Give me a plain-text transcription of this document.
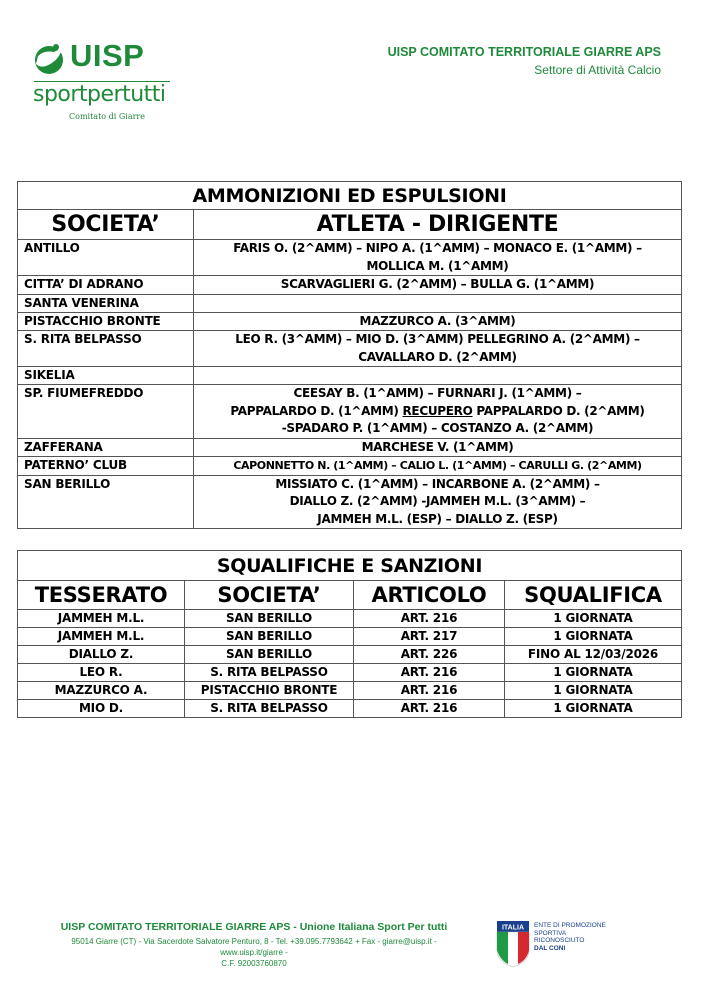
UISP
sportpertutti
Comitato di Giarre
UISP COMITATO TERRITORIALE GIARRE APS
Settore di Attività Calcio
AMMONIZIONI ED ESPULSIONI	
SOCIETA’	ATLETA - DIRIGENTE
ANTILLO	FARIS O. (2^AMM) – NIPO A. (1^AMM) – MONACO E. (1^AMM) –
MOLLICA M. (1^AMM)

CITTA’ DI ADRANO	SCARVAGLIERI G. (2^AMM) – BULLA G. (1^AMM)
SANTA VENERINA	
PISTACCHIO BRONTE	MAZZURCO A. (3^AMM)
S. RITA BELPASSO	LEO R. (3^AMM) – MIO D. (3^AMM) PELLEGRINO A. (2^AMM) –
CAVALLARO D. (2^AMM)

SIKELIA	
SP. FIUMEFREDDO	CEESAY B. (1^AMM) – FURNARI J. (1^AMM) –
PAPPALARDO D. (1^AMM) RECUPERO PAPPALARDO D. (2^AMM)
-SPADARO P. (1^AMM) – COSTANZO A. (2^AMM)

ZAFFERANA	MARCHESE V. (1^AMM)
PATERNO’ CLUB	CAPONNETTO N. (1^AMM) – CALIO L. (1^AMM) – CARULLI G. (2^AMM)
SAN BERILLO	MISSIATO C. (1^AMM) – INCARBONE A. (2^AMM) –
DIALLO Z. (2^AMM) -JAMMEH M.L. (3^AMM) –
JAMMEH M.L. (ESP) – DIALLO Z. (ESP)
SQUALIFICHE E SANZIONI			
TESSERATO	SOCIETA’	ARTICOLO	SQUALIFICA
JAMMEH M.L.	SAN BERILLO	ART. 216	1 GIORNATA
JAMMEH M.L.	SAN BERILLO	ART. 217	1 GIORNATA
DIALLO Z.	SAN BERILLO	ART. 226	FINO AL 12/03/2026
LEO R.	S. RITA BELPASSO	ART. 216	1 GIORNATA
MAZZURCO A.	PISTACCHIO BRONTE	ART. 216	1 GIORNATA
MIO D.	S. RITA BELPASSO	ART. 216	1 GIORNATA
UISP COMITATO TERRITORIALE GIARRE APS - Unione Italiana Sport Per tutti
95014 Giarre (CT) - Via Sacerdote Salvatore Penturo, 8 - Tel. +39.095.7793642 + Fax - giarre@uisp.it - www.uisp.it/giarre -
C.F. 92003760870
ITALIA ENTE DI PROMOZIONE
SPORTIVA
RICONOSCIUTO
DAL CONI
